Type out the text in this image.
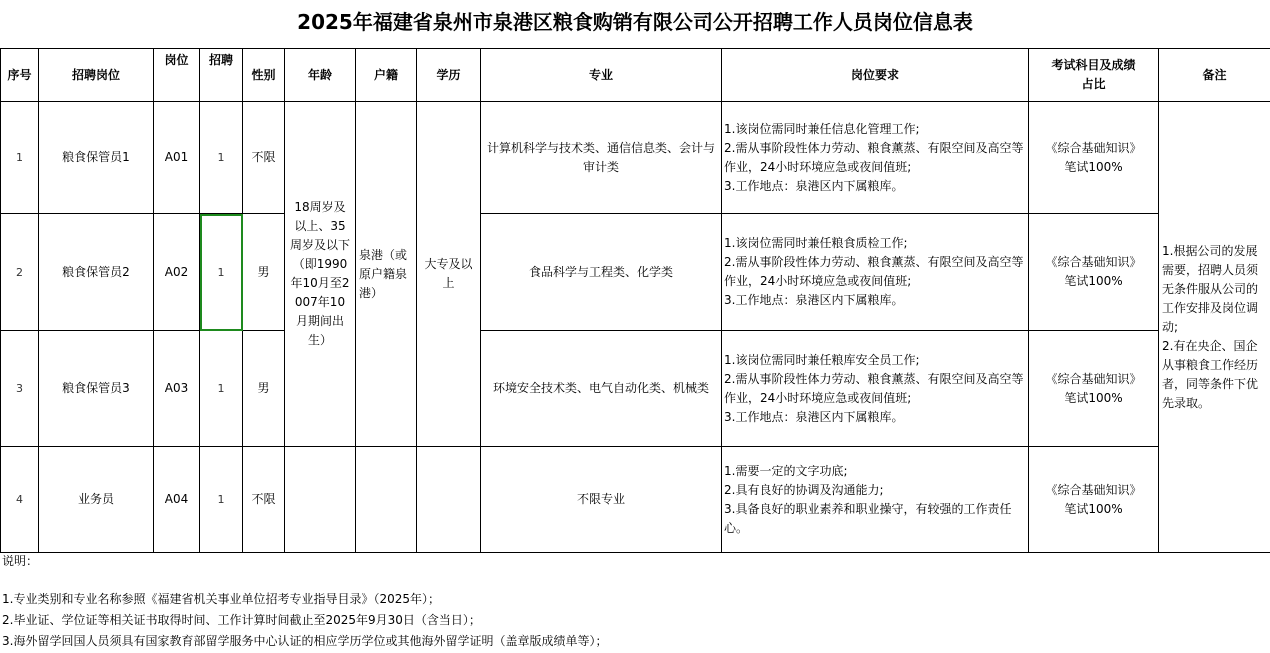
2025年福建省泉州市泉港区粮食购销有限公司公开招聘工作人员岗位信息表
序号	招聘岗位	岗位	招聘	性别	年龄	户籍	学历	专业	岗位要求	考试科目及成绩占比	备注
1	粮食保管员1	A01	1	不限	18周岁及以上、35周岁及以下（即1990年10月至2007年10月期间出生）	泉港（或原户籍泉港）	大专及以上	计算机科学与技术类、通信信息类、会计与审计类	1.该岗位需同时兼任信息化管理工作;
2.需从事阶段性体力劳动、粮食薰蒸、有限空间及高空等作业，24小时环境应急或夜间值班;
3.工作地点：泉港区内下属粮库。	《综合基础知识》
笔试100%	1.根据公司的发展需要，招聘人员须无条件服从公司的工作安排及岗位调动;
2.有在央企、国企从事粮食工作经历者，同等条件下优先录取。

2	粮食保管员2	A02	1	男				食品科学与工程类、化学类	1.该岗位需同时兼任粮食质检工作;
2.需从事阶段性体力劳动、粮食薰蒸、有限空间及高空等作业，24小时环境应急或夜间值班;
3.工作地点：泉港区内下属粮库。	《综合基础知识》
笔试100%	

3	粮食保管员3	A03	1	男				环境安全技术类、电气自动化类、机械类	1.该岗位需同时兼任粮库安全员工作;
2.需从事阶段性体力劳动、粮食薰蒸、有限空间及高空等作业，24小时环境应急或夜间值班;
3.工作地点：泉港区内下属粮库。	《综合基础知识》
笔试100%	

4	业务员	A04	1	不限				不限专业	1.需要一定的文字功底;
2.具有良好的协调及沟通能力;
3.具备良好的职业素养和职业操守，有较强的工作责任心。	《综合基础知识》
笔试100%	
说明：
1.专业类别和专业名称参照《福建省机关事业单位招考专业指导目录》（2025年）；
2.毕业证、学位证等相关证书取得时间、工作计算时间截止至2025年9月30日（含当日）；
3.海外留学回国人员须具有国家教育部留学服务中心认证的相应学历学位或其他海外留学证明（盖章版成绩单等）；
